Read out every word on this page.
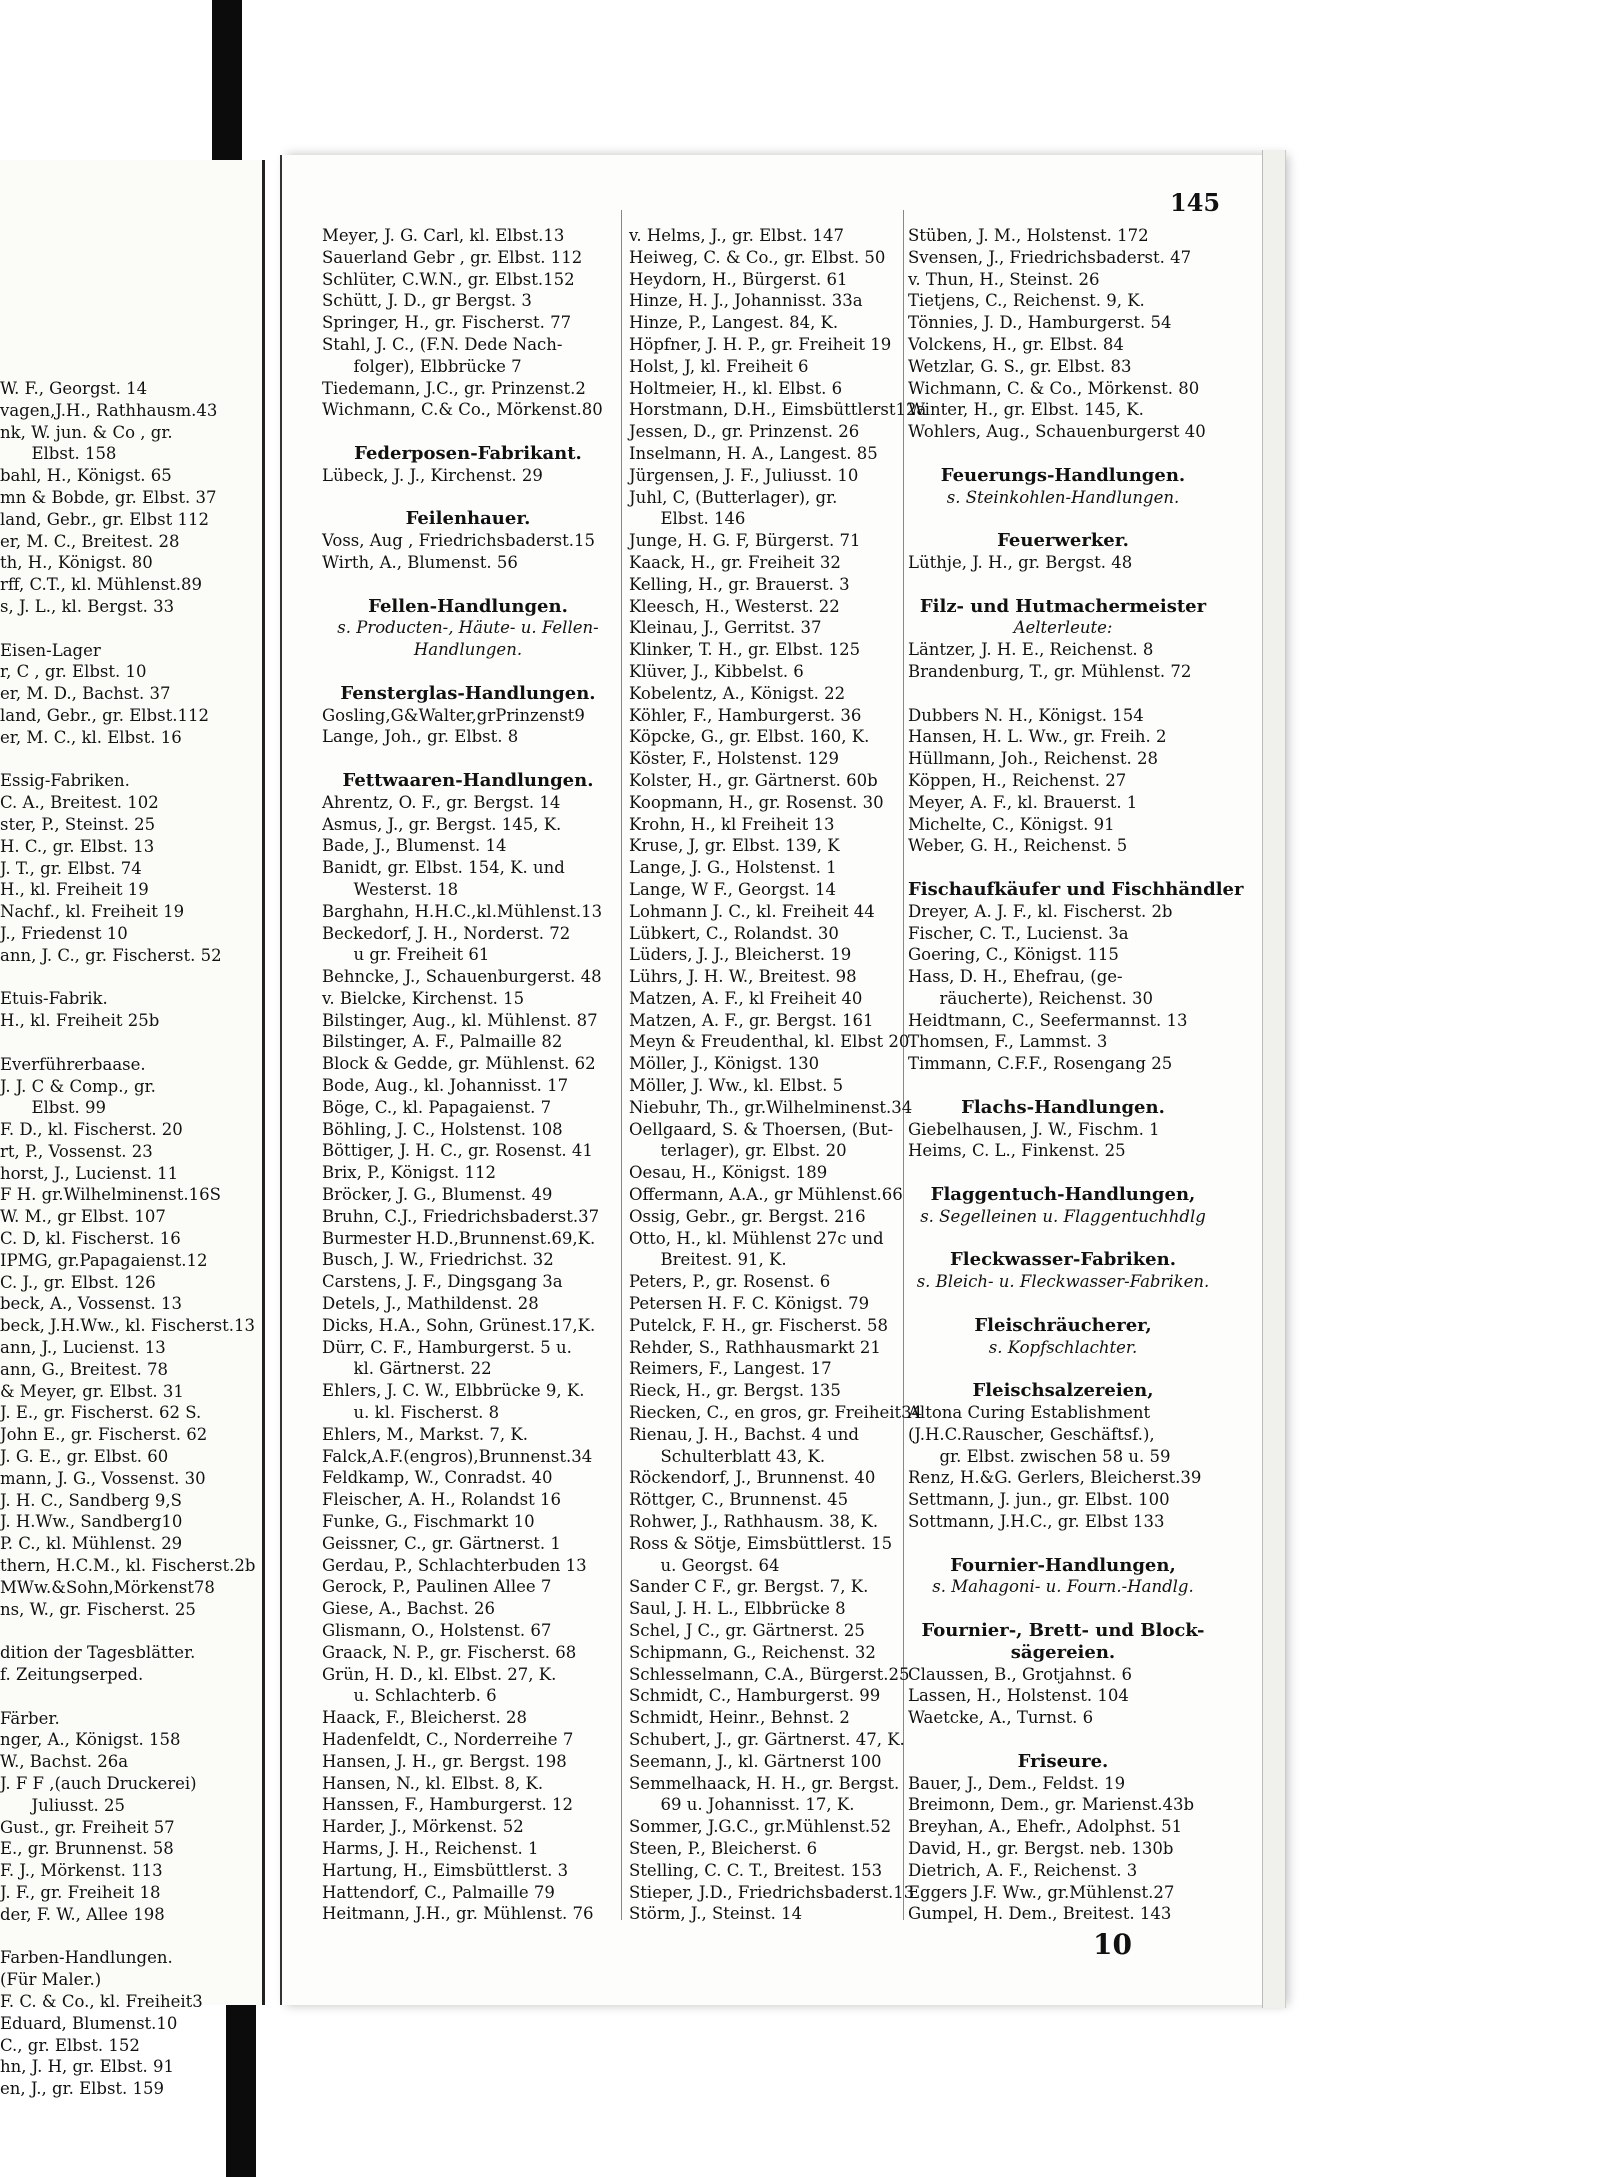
W. F., Georgst. 14
vagen,J.H., Rathhausm.43
nk, W. jun. & Co , gr.
Elbst. 158
bahl, H., Königst. 65
mn & Bobde, gr. Elbst. 37
land, Gebr., gr. Elbst 112
er, M. C., Breitest. 28
th, H., Königst. 80
rff, C.T., kl. Mühlenst.89
s, J. L., kl. Bergst. 33
Eisen-Lager
r, C , gr. Elbst. 10
er, M. D., Bachst. 37
land, Gebr., gr. Elbst.112
er, M. C., kl. Elbst. 16
Essig-Fabriken.
C. A., Breitest. 102
ster, P., Steinst. 25
H. C., gr. Elbst. 13
J. T., gr. Elbst. 74
H., kl. Freiheit 19
Nachf., kl. Freiheit 19
J., Friedenst 10
ann, J. C., gr. Fischerst. 52
Etuis-Fabrik.
H., kl. Freiheit 25b
Everführerbaase.
J. J. C & Comp., gr.
Elbst. 99
F. D., kl. Fischerst. 20
rt, P., Vossenst. 23
horst, J., Lucienst. 11
F H. gr.Wilhelminenst.16S
W. M., gr Elbst. 107
C. D, kl. Fischerst. 16
IPMG, gr.Papagaienst.12
C. J., gr. Elbst. 126
beck, A., Vossenst. 13
beck, J.H.Ww., kl. Fischerst.13
ann, J., Lucienst. 13
ann, G., Breitest. 78
& Meyer, gr. Elbst. 31
J. E., gr. Fischerst. 62 S.
John E., gr. Fischerst. 62
J. G. E., gr. Elbst. 60
mann, J. G., Vossenst. 30
J. H. C., Sandberg 9,S
J. H.Ww., Sandberg10
P. C., kl. Mühlenst. 29
thern, H.C.M., kl. Fischerst.2b
MWw.&Sohn,Mörkenst78
ns, W., gr. Fischerst. 25
dition der Tagesblätter.
f. Zeitungserped.
Färber.
nger, A., Königst. 158
W., Bachst. 26a
J. F F ,(auch Druckerei)
Juliusst. 25
Gust., gr. Freiheit 57
E., gr. Brunnenst. 58
F. J., Mörkenst. 113
J. F., gr. Freiheit 18
der, F. W., Allee 198
Farben-Handlungen.
(Für Maler.)
F. C. & Co., kl. Freiheit3
Eduard, Blumenst.10
C., gr. Elbst. 152
hn, J. H, gr. Elbst. 91
en, J., gr. Elbst. 159
145
Meyer, J. G. Carl, kl. Elbst.13
Sauerland Gebr , gr. Elbst. 112
Schlüter, C.W.N., gr. Elbst.152
Schütt, J. D., gr Bergst. 3
Springer, H., gr. Fischerst. 77
Stahl, J. C., (F.N. Dede Nach-
folger), Elbbrücke 7
Tiedemann, J.C., gr. Prinzenst.2
Wichmann, C.& Co., Mörkenst.80
Federposen-Fabrikant.
Lübeck, J. J., Kirchenst. 29
Feilenhauer.
Voss, Aug , Friedrichsbaderst.15
Wirth, A., Blumenst. 56
Fellen-Handlungen.
s. Producten-, Häute- u. Fellen-
Handlungen.
Fensterglas-Handlungen.
Gosling,G&Walter,grPrinzenst9
Lange, Joh., gr. Elbst. 8
Fettwaaren-Handlungen.
Ahrentz, O. F., gr. Bergst. 14
Asmus, J., gr. Bergst. 145, K.
Bade, J., Blumenst. 14
Banidt, gr. Elbst. 154, K. und
Westerst. 18
Barghahn, H.H.C.,kl.Mühlenst.13
Beckedorf, J. H., Norderst. 72
u gr. Freiheit 61
Behncke, J., Schauenburgerst. 48
v. Bielcke, Kirchenst. 15
Bilstinger, Aug., kl. Mühlenst. 87
Bilstinger, A. F., Palmaille 82
Block & Gedde, gr. Mühlenst. 62
Bode, Aug., kl. Johannisst. 17
Böge, C., kl. Papagaienst. 7
Böhling, J. C., Holstenst. 108
Böttiger, J. H. C., gr. Rosenst. 41
Brix, P., Königst. 112
Bröcker, J. G., Blumenst. 49
Bruhn, C.J., Friedrichsbaderst.37
Burmester H.D.,Brunnenst.69,K.
Busch, J. W., Friedrichst. 32
Carstens, J. F., Dingsgang 3a
Detels, J., Mathildenst. 28
Dicks, H.A., Sohn, Grünest.17,K.
Dürr, C. F., Hamburgerst. 5 u.
kl. Gärtnerst. 22
Ehlers, J. C. W., Elbbrücke 9, K.
u. kl. Fischerst. 8
Ehlers, M., Markst. 7, K.
Falck,A.F.(engros),Brunnenst.34
Feldkamp, W., Conradst. 40
Fleischer, A. H., Rolandst 16
Funke, G., Fischmarkt 10
Geissner, C., gr. Gärtnerst. 1
Gerdau, P., Schlachterbuden 13
Gerock, P., Paulinen Allee 7
Giese, A., Bachst. 26
Glismann, O., Holstenst. 67
Graack, N. P., gr. Fischerst. 68
Grün, H. D., kl. Elbst. 27, K.
u. Schlachterb. 6
Haack, F., Bleicherst. 28
Hadenfeldt, C., Norderreihe 7
Hansen, J. H., gr. Bergst. 198
Hansen, N., kl. Elbst. 8, K.
Hanssen, F., Hamburgerst. 12
Harder, J., Mörkenst. 52
Harms, J. H., Reichenst. 1
Hartung, H., Eimsbüttlerst. 3
Hattendorf, C., Palmaille 79
Heitmann, J.H., gr. Mühlenst. 76
v. Helms, J., gr. Elbst. 147
Heiweg, C. & Co., gr. Elbst. 50
Heydorn, H., Bürgerst. 61
Hinze, H. J., Johannisst. 33a
Hinze, P., Langest. 84, K.
Höpfner, J. H. P., gr. Freiheit 19
Holst, J, kl. Freiheit 6
Holtmeier, H., kl. Elbst. 6
Horstmann, D.H., Eimsbüttlerst12a
Jessen, D., gr. Prinzenst. 26
Inselmann, H. A., Langest. 85
Jürgensen, J. F., Juliusst. 10
Juhl, C, (Butterlager), gr.
Elbst. 146
Junge, H. G. F, Bürgerst. 71
Kaack, H., gr. Freiheit 32
Kelling, H., gr. Brauerst. 3
Kleesch, H., Westerst. 22
Kleinau, J., Gerritst. 37
Klinker, T. H., gr. Elbst. 125
Klüver, J., Kibbelst. 6
Kobelentz, A., Königst. 22
Köhler, F., Hamburgerst. 36
Köpcke, G., gr. Elbst. 160, K.
Köster, F., Holstenst. 129
Kolster, H., gr. Gärtnerst. 60b
Koopmann, H., gr. Rosenst. 30
Krohn, H., kl Freiheit 13
Kruse, J, gr. Elbst. 139, K
Lange, J. G., Holstenst. 1
Lange, W F., Georgst. 14
Lohmann J. C., kl. Freiheit 44
Lübkert, C., Rolandst. 30
Lüders, J. J., Bleicherst. 19
Lührs, J. H. W., Breitest. 98
Matzen, A. F., kl Freiheit 40
Matzen, A. F., gr. Bergst. 161
Meyn & Freudenthal, kl. Elbst 20
Möller, J., Königst. 130
Möller, J. Ww., kl. Elbst. 5
Niebuhr, Th., gr.Wilhelminenst.34
Oellgaard, S. & Thoersen, (But-
terlager), gr. Elbst. 20
Oesau, H., Königst. 189
Offermann, A.A., gr Mühlenst.66
Ossig, Gebr., gr. Bergst. 216
Otto, H., kl. Mühlenst 27c und
Breitest. 91, K.
Peters, P., gr. Rosenst. 6
Petersen H. F. C. Königst. 79
Putelck, F. H., gr. Fischerst. 58
Rehder, S., Rathhausmarkt 21
Reimers, F., Langest. 17
Rieck, H., gr. Bergst. 135
Riecken, C., en gros, gr. Freiheit34
Rienau, J. H., Bachst. 4 und
Schulterblatt 43, K.
Röckendorf, J., Brunnenst. 40
Röttger, C., Brunnenst. 45
Rohwer, J., Rathhausm. 38, K.
Ross & Sötje, Eimsbüttlerst. 15
u. Georgst. 64
Sander C F., gr. Bergst. 7, K.
Saul, J. H. L., Elbbrücke 8
Schel, J C., gr. Gärtnerst. 25
Schipmann, G., Reichenst. 32
Schlesselmann, C.A., Bürgerst.25
Schmidt, C., Hamburgerst. 99
Schmidt, Heinr., Behnst. 2
Schubert, J., gr. Gärtnerst. 47, K.
Seemann, J., kl. Gärtnerst 100
Semmelhaack, H. H., gr. Bergst.
69 u. Johannisst. 17, K.
Sommer, J.G.C., gr.Mühlenst.52
Steen, P., Bleicherst. 6
Stelling, C. C. T., Breitest. 153
Stieper, J.D., Friedrichsbaderst.13
Störm, J., Steinst. 14
Stüben, J. M., Holstenst. 172
Svensen, J., Friedrichsbaderst. 47
v. Thun, H., Steinst. 26
Tietjens, C., Reichenst. 9, K.
Tönnies, J. D., Hamburgerst. 54
Volckens, H., gr. Elbst. 84
Wetzlar, G. S., gr. Elbst. 83
Wichmann, C. & Co., Mörkenst. 80
Winter, H., gr. Elbst. 145, K.
Wohlers, Aug., Schauenburgerst 40
Feuerungs-Handlungen.
s. Steinkohlen-Handlungen.
Feuerwerker.
Lüthje, J. H., gr. Bergst. 48
Filz- und Hutmachermeister
Aelterleute:
Läntzer, J. H. E., Reichenst. 8
Brandenburg, T., gr. Mühlenst. 72
Dubbers N. H., Königst. 154
Hansen, H. L. Ww., gr. Freih. 2
Hüllmann, Joh., Reichenst. 28
Köppen, H., Reichenst. 27
Meyer, A. F., kl. Brauerst. 1
Michelte, C., Königst. 91
Weber, G. H., Reichenst. 5
Fischaufkäufer und Fischhändler
Dreyer, A. J. F., kl. Fischerst. 2b
Fischer, C. T., Lucienst. 3a
Goering, C., Königst. 115
Hass, D. H., Ehefrau, (ge-
räucherte), Reichenst. 30
Heidtmann, C., Seefermannst. 13
Thomsen, F., Lammst. 3
Timmann, C.F.F., Rosengang 25
Flachs-Handlungen.
Giebelhausen, J. W., Fischm. 1
Heims, C. L., Finkenst. 25
Flaggentuch-Handlungen,
s. Segelleinen u. Flaggentuchhdlg
Fleckwasser-Fabriken.
s. Bleich- u. Fleckwasser-Fabriken.
Fleischräucherer,
s. Kopfschlachter.
Fleischsalzereien,
Altona Curing Establishment
(J.H.C.Rauscher, Geschäftsf.),
gr. Elbst. zwischen 58 u. 59
Renz, H.&G. Gerlers, Bleicherst.39
Settmann, J. jun., gr. Elbst. 100
Sottmann, J.H.C., gr. Elbst 133
Fournier-Handlungen,
s. Mahagoni- u. Fourn.-Handlg.
Fournier-, Brett- und Block-
sägereien.
Claussen, B., Grotjahnst. 6
Lassen, H., Holstenst. 104
Waetcke, A., Turnst. 6
Friseure.
Bauer, J., Dem., Feldst. 19
Breimonn, Dem., gr. Marienst.43b
Breyhan, A., Ehefr., Adolphst. 51
David, H., gr. Bergst. neb. 130b
Dietrich, A. F., Reichenst. 3
Eggers J.F. Ww., gr.Mühlenst.27
Gumpel, H. Dem., Breitest. 143
10
